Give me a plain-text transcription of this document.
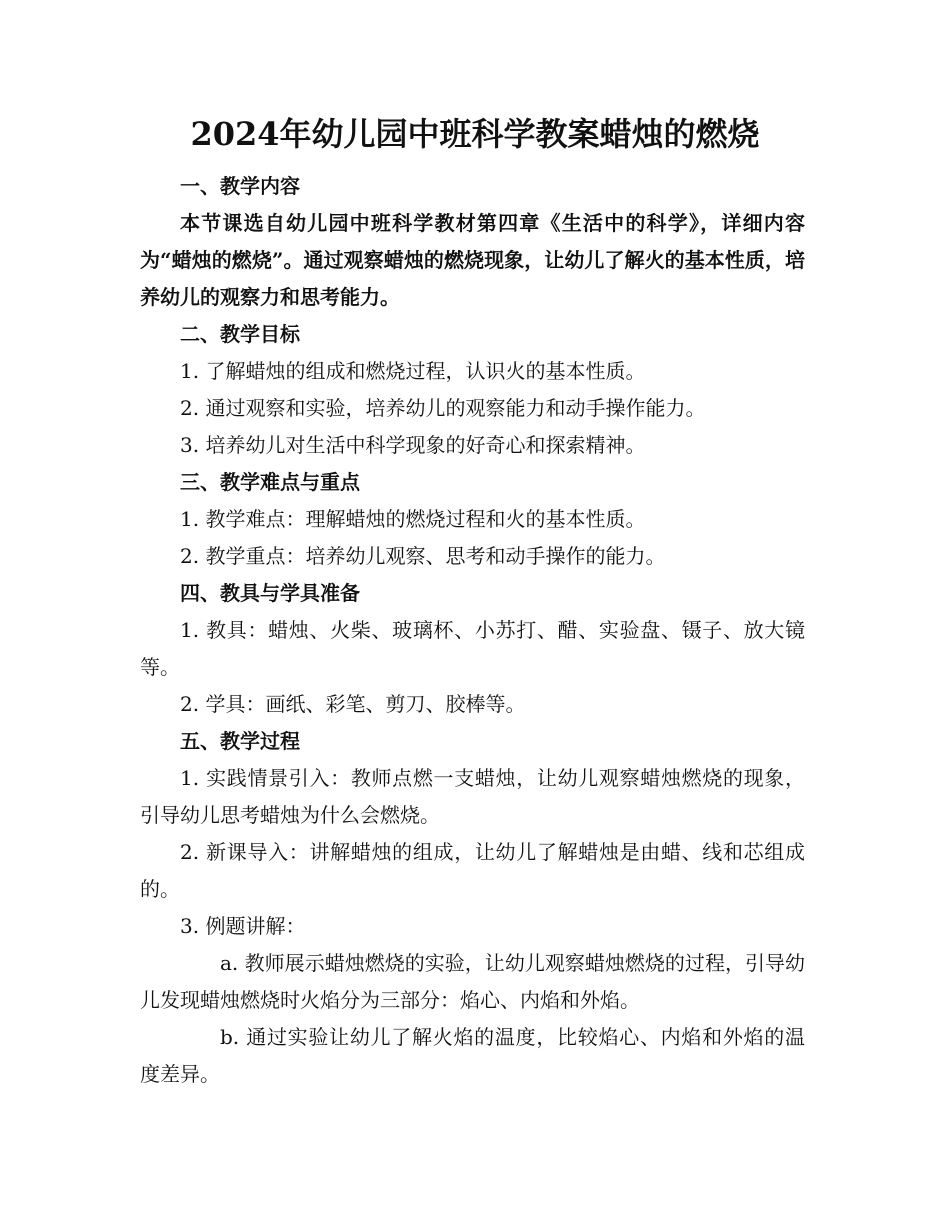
2024年幼儿园中班科学教案蜡烛的燃烧

一、教学内容

本节课选自幼儿园中班科学教材第四章《生活中的科学》，详细内容为“蜡烛的燃烧”。通过观察蜡烛的燃烧现象，让幼儿了解火的基本性质，培养幼儿的观察力和思考能力。

二、教学目标

1. 了解蜡烛的组成和燃烧过程，认识火的基本性质。

2. 通过观察和实验，培养幼儿的观察能力和动手操作能力。

3. 培养幼儿对生活中科学现象的好奇心和探索精神。

三、教学难点与重点

1. 教学难点：理解蜡烛的燃烧过程和火的基本性质。

2. 教学重点：培养幼儿观察、思考和动手操作的能力。

四、教具与学具准备

1. 教具：蜡烛、火柴、玻璃杯、小苏打、醋、实验盘、镊子、放大镜等。

2. 学具：画纸、彩笔、剪刀、胶棒等。

五、教学过程

1. 实践情景引入：教师点燃一支蜡烛，让幼儿观察蜡烛燃烧的现象，引导幼儿思考蜡烛为什么会燃烧。

2. 新课导入：讲解蜡烛的组成，让幼儿了解蜡烛是由蜡、线和芯组成的。

3. 例题讲解：

a. 教师展示蜡烛燃烧的实验，让幼儿观察蜡烛燃烧的过程，引导幼儿发现蜡烛燃烧时火焰分为三部分：焰心、内焰和外焰。

b. 通过实验让幼儿了解火焰的温度，比较焰心、内焰和外焰的温度差异。
